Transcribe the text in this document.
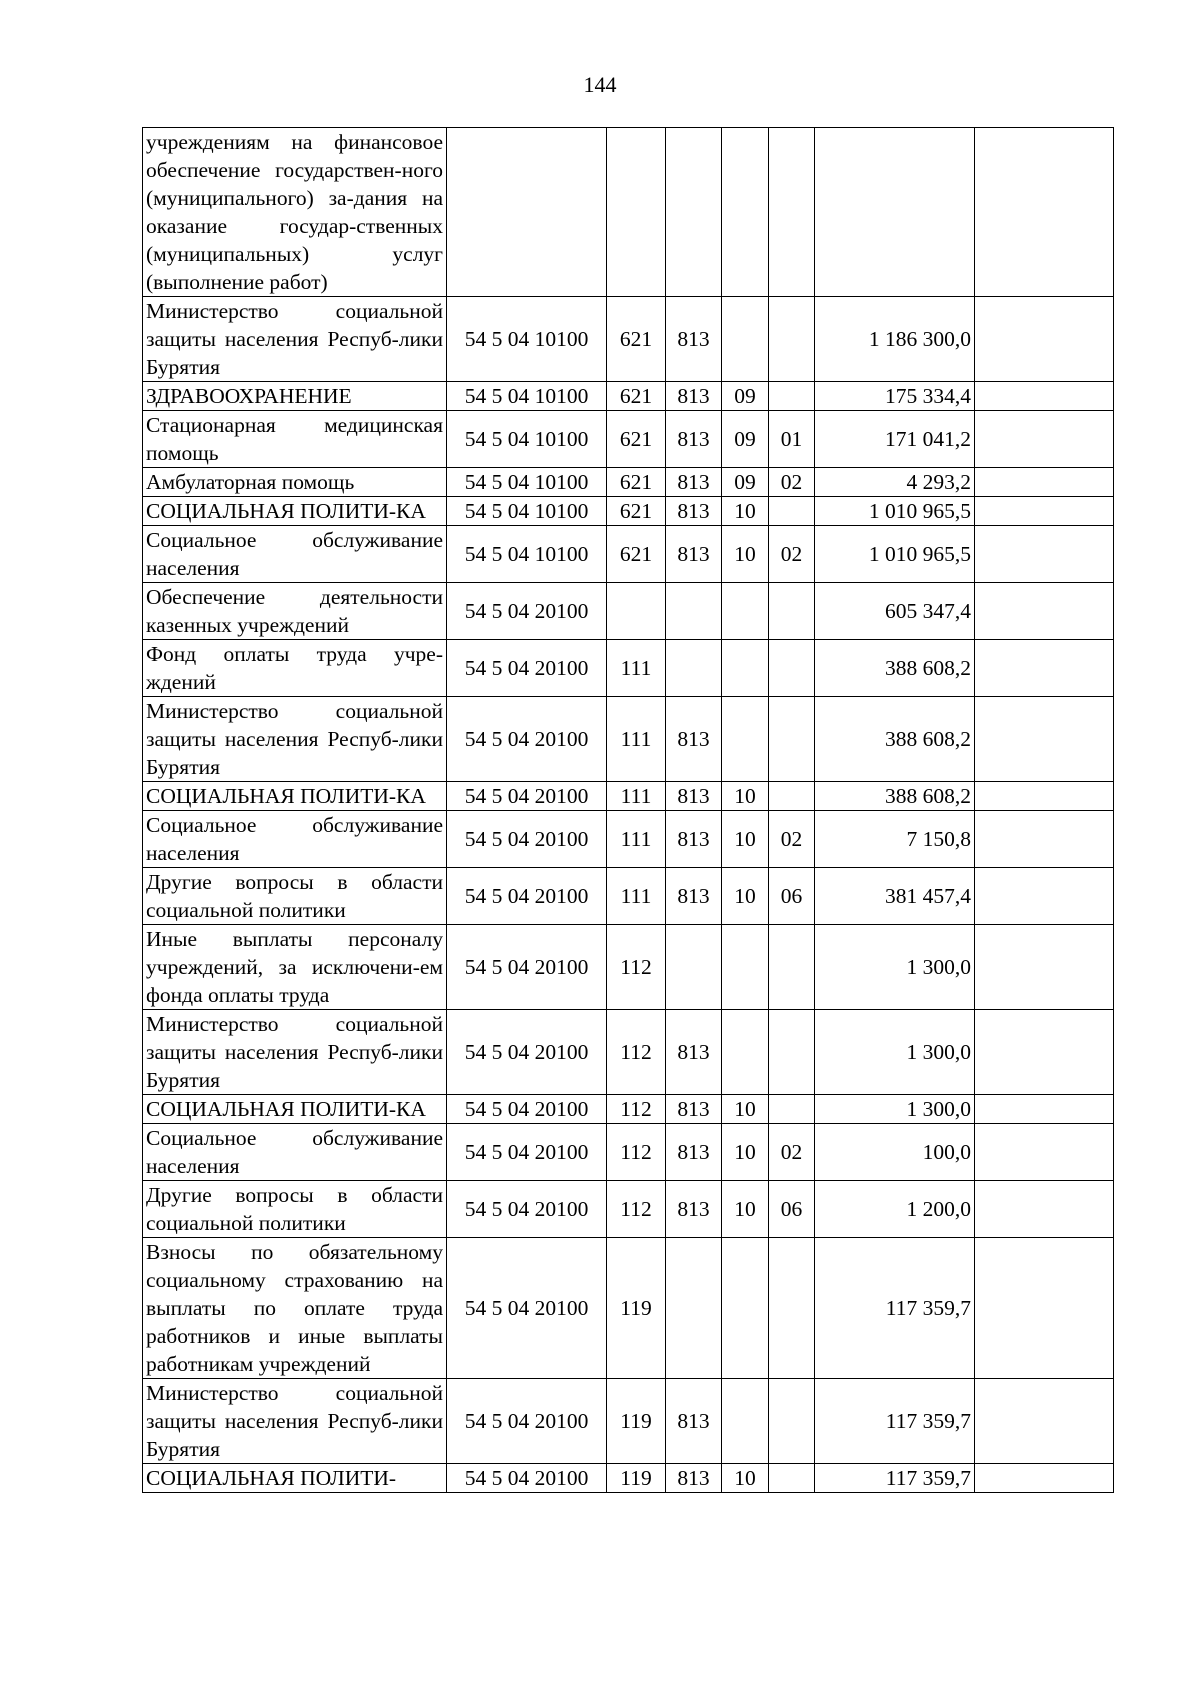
144
учреждениям на финансовое обеспечение государствен-ного (муниципального) за-дания на оказание государ-ственных (муниципальных) услуг (выполнение работ)							
Министерство социальной защиты населения Респуб-лики Бурятия	54 5 04 10100	621	813			1 186 300,0	
ЗДРАВООХРАНЕНИЕ	54 5 04 10100	621	813	09		175 334,4	
Стационарная медицинская помощь	54 5 04 10100	621	813	09	01	171 041,2	
Амбулаторная помощь	54 5 04 10100	621	813	09	02	4 293,2	
СОЦИАЛЬНАЯ ПОЛИТИ-КА	54 5 04 10100	621	813	10		1 010 965,5	
Социальное обслуживание населения	54 5 04 10100	621	813	10	02	1 010 965,5	
Обеспечение деятельности казенных учреждений	54 5 04 20100					605 347,4	
Фонд оплаты труда учре-ждений	54 5 04 20100	111				388 608,2	
Министерство социальной защиты населения Респуб-лики Бурятия	54 5 04 20100	111	813			388 608,2	
СОЦИАЛЬНАЯ ПОЛИТИ-КА	54 5 04 20100	111	813	10		388 608,2	
Социальное обслуживание населения	54 5 04 20100	111	813	10	02	7 150,8	
Другие вопросы в области социальной политики	54 5 04 20100	111	813	10	06	381 457,4	
Иные выплаты персоналу учреждений, за исключени-ем фонда оплаты труда	54 5 04 20100	112				1 300,0	
Министерство социальной защиты населения Респуб-лики Бурятия	54 5 04 20100	112	813			1 300,0	
СОЦИАЛЬНАЯ ПОЛИТИ-КА	54 5 04 20100	112	813	10		1 300,0	
Социальное обслуживание населения	54 5 04 20100	112	813	10	02	100,0	
Другие вопросы в области социальной политики	54 5 04 20100	112	813	10	06	1 200,0	
Взносы по обязательному социальному страхованию на выплаты по оплате труда работников и иные выплаты работникам учреждений	54 5 04 20100	119				117 359,7	
Министерство социальной защиты населения Респуб-лики Бурятия	54 5 04 20100	119	813			117 359,7	
СОЦИАЛЬНАЯ ПОЛИТИ-	54 5 04 20100	119	813	10		117 359,7	
